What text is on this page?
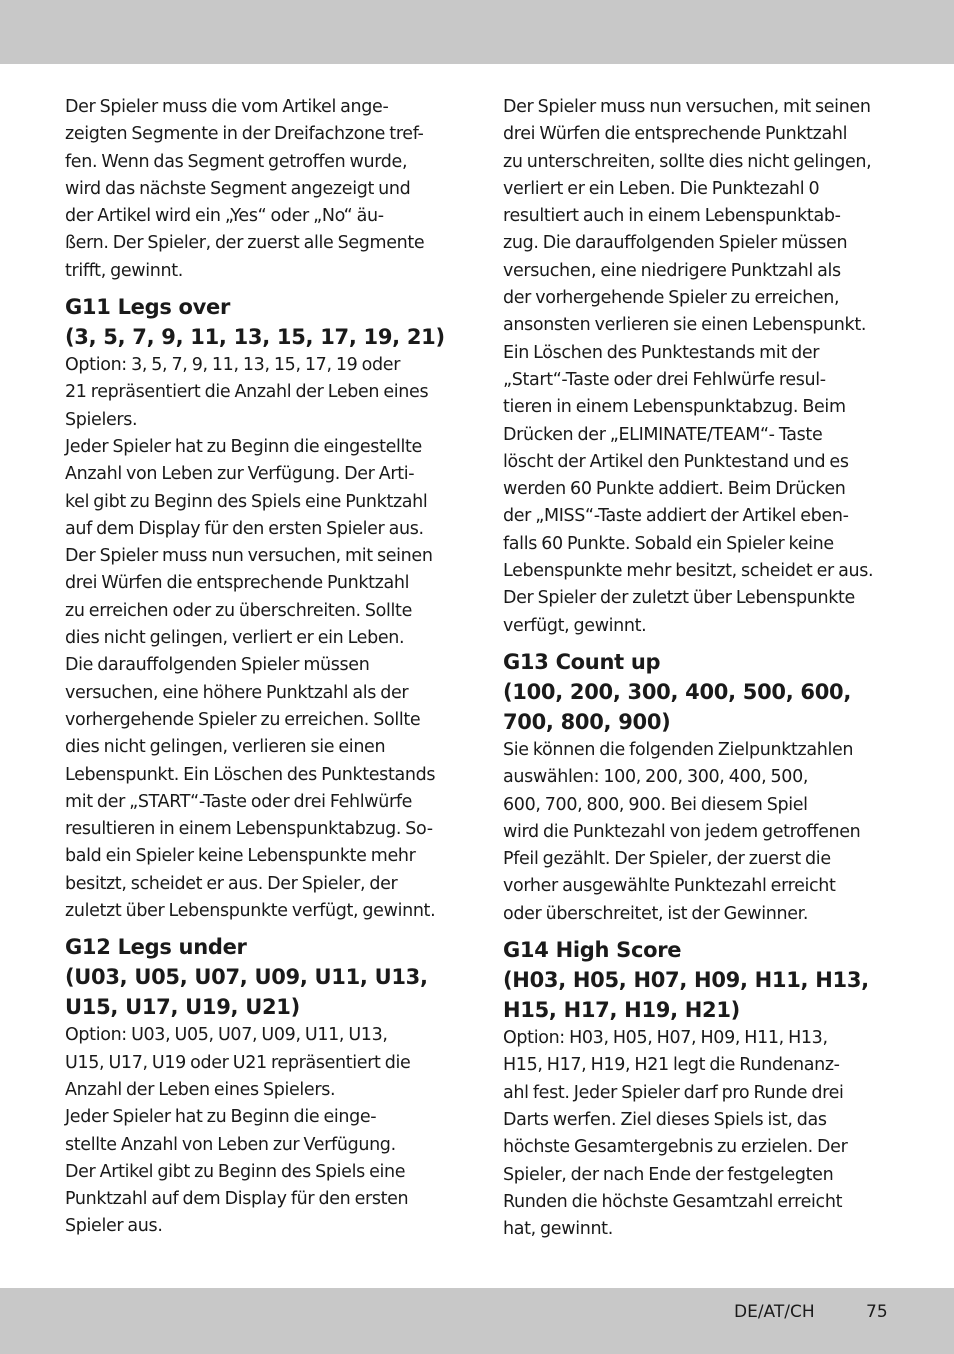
Der Spieler muss die vom Artikel ange-
zeigten Segmente in der Dreifachzone tref-
fen. Wenn das Segment getroffen wurde,
wird das nächste Segment angezeigt und
der Artikel wird ein „Yes“ oder „No“ äu-
ßern. Der Spieler, der zuerst alle Segmente
trifft, gewinnt.
G11 Legs over
(3, 5, 7, 9, 11, 13, 15, 17, 19, 21)
Option: 3, 5, 7, 9, 11, 13, 15, 17, 19 oder
21 repräsentiert die Anzahl der Leben eines
Spielers.
Jeder Spieler hat zu Beginn die eingestellte
Anzahl von Leben zur Verfügung. Der Arti-
kel gibt zu Beginn des Spiels eine Punktzahl
auf dem Display für den ersten Spieler aus.
Der Spieler muss nun versuchen, mit seinen
drei Würfen die entsprechende Punktzahl
zu erreichen oder zu überschreiten. Sollte
dies nicht gelingen, verliert er ein Leben.
Die darauffolgenden Spieler müssen
versuchen, eine höhere Punktzahl als der
vorhergehende Spieler zu erreichen. Sollte
dies nicht gelingen, verlieren sie einen
Lebenspunkt. Ein Löschen des Punktestands
mit der „START“-Taste oder drei Fehlwürfe
resultieren in einem Lebenspunktabzug. So-
bald ein Spieler keine Lebenspunkte mehr
besitzt, scheidet er aus. Der Spieler, der
zuletzt über Lebenspunkte verfügt, gewinnt.
G12 Legs under
(U03, U05, U07, U09, U11, U13,
U15, U17, U19, U21)
Option: U03, U05, U07, U09, U11, U13,
U15, U17, U19 oder U21 repräsentiert die
Anzahl der Leben eines Spielers.
Jeder Spieler hat zu Beginn die einge-
stellte Anzahl von Leben zur Verfügung.
Der Artikel gibt zu Beginn des Spiels eine
Punktzahl auf dem Display für den ersten
Spieler aus.
Der Spieler muss nun versuchen, mit seinen
drei Würfen die entsprechende Punktzahl
zu unterschreiten, sollte dies nicht gelingen,
verliert er ein Leben. Die Punktezahl 0
resultiert auch in einem Lebenspunktab-
zug. Die darauffolgenden Spieler müssen
versuchen, eine niedrigere Punktzahl als
der vorhergehende Spieler zu erreichen,
ansonsten verlieren sie einen Lebenspunkt.
Ein Löschen des Punktestands mit der
„Start“-Taste oder drei Fehlwürfe resul-
tieren in einem Lebenspunktabzug. Beim
Drücken der „ELIMINATE/TEAM“- Taste
löscht der Artikel den Punktestand und es
werden 60 Punkte addiert. Beim Drücken
der „MISS“-Taste addiert der Artikel eben-
falls 60 Punkte. Sobald ein Spieler keine
Lebenspunkte mehr besitzt, scheidet er aus.
Der Spieler der zuletzt über Lebenspunkte
verfügt, gewinnt.
G13 Count up
(100, 200, 300, 400, 500, 600,
700, 800, 900)
Sie können die folgenden Zielpunktzahlen
auswählen: 100, 200, 300, 400, 500,
600, 700, 800, 900. Bei diesem Spiel
wird die Punktezahl von jedem getroffenen
Pfeil gezählt. Der Spieler, der zuerst die
vorher ausgewählte Punktezahl erreicht
oder überschreitet, ist der Gewinner.
G14 High Score
(H03, H05, H07, H09, H11, H13,
H15, H17, H19, H21)
Option: H03, H05, H07, H09, H11, H13,
H15, H17, H19, H21 legt die Rundenanz-
ahl fest. Jeder Spieler darf pro Runde drei
Darts werfen. Ziel dieses Spiels ist, das
höchste Gesamtergebnis zu erzielen. Der
Spieler, der nach Ende der festgelegten
Runden die höchste Gesamtzahl erreicht
hat, gewinnt.
DE/AT/CH	75
